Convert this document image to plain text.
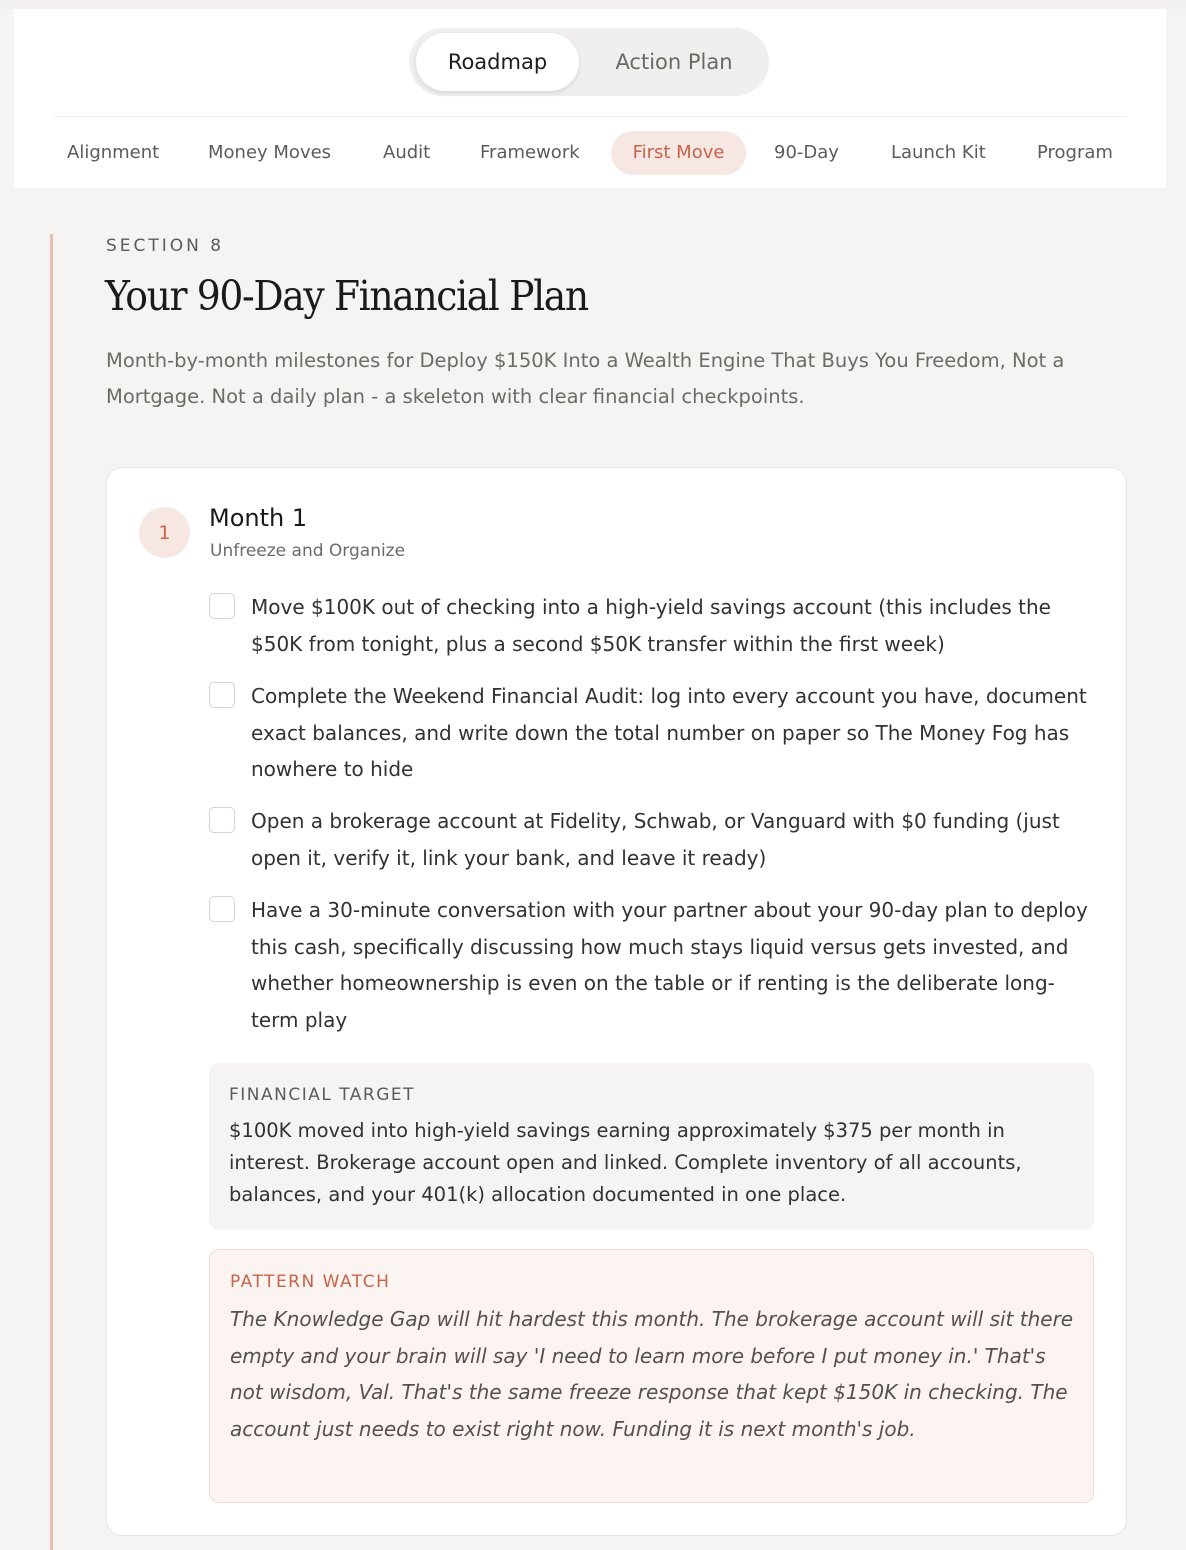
Roadmap	Action Plan
Alignment	Money Moves	Audit	Framework	First Move	90-Day	Launch Kit	Program
SECTION 8
Your 90-Day Financial Plan
Month-by-month milestones for Deploy $150K Into a Wealth Engine That Buys You Freedom, Not a Mortgage. Not a daily plan - a skeleton with clear financial checkpoints.
1
Month 1
Unfreeze and Organize
Move $100K out of checking into a high-yield savings account (this includes the $50K from tonight, plus a second $50K transfer within the first week)
Complete the Weekend Financial Audit: log into every account you have, document exact balances, and write down the total number on paper so The Money Fog has nowhere to hide
Open a brokerage account at Fidelity, Schwab, or Vanguard with $0 funding (just open it, verify it, link your bank, and leave it ready)
Have a 30-minute conversation with your partner about your 90-day plan to deploy this cash, specifically discussing how much stays liquid versus gets invested, and whether homeownership is even on the table or if renting is the deliberate long-term play
FINANCIAL TARGET
$100K moved into high-yield savings earning approximately $375 per month in interest. Brokerage account open and linked. Complete inventory of all accounts, balances, and your 401(k) allocation documented in one place.
PATTERN WATCH
The Knowledge Gap will hit hardest this month. The brokerage account will sit there empty and your brain will say 'I need to learn more before I put money in.' That's not wisdom, Val. That's the same freeze response that kept $150K in checking. The account just needs to exist right now. Funding it is next month's job.
